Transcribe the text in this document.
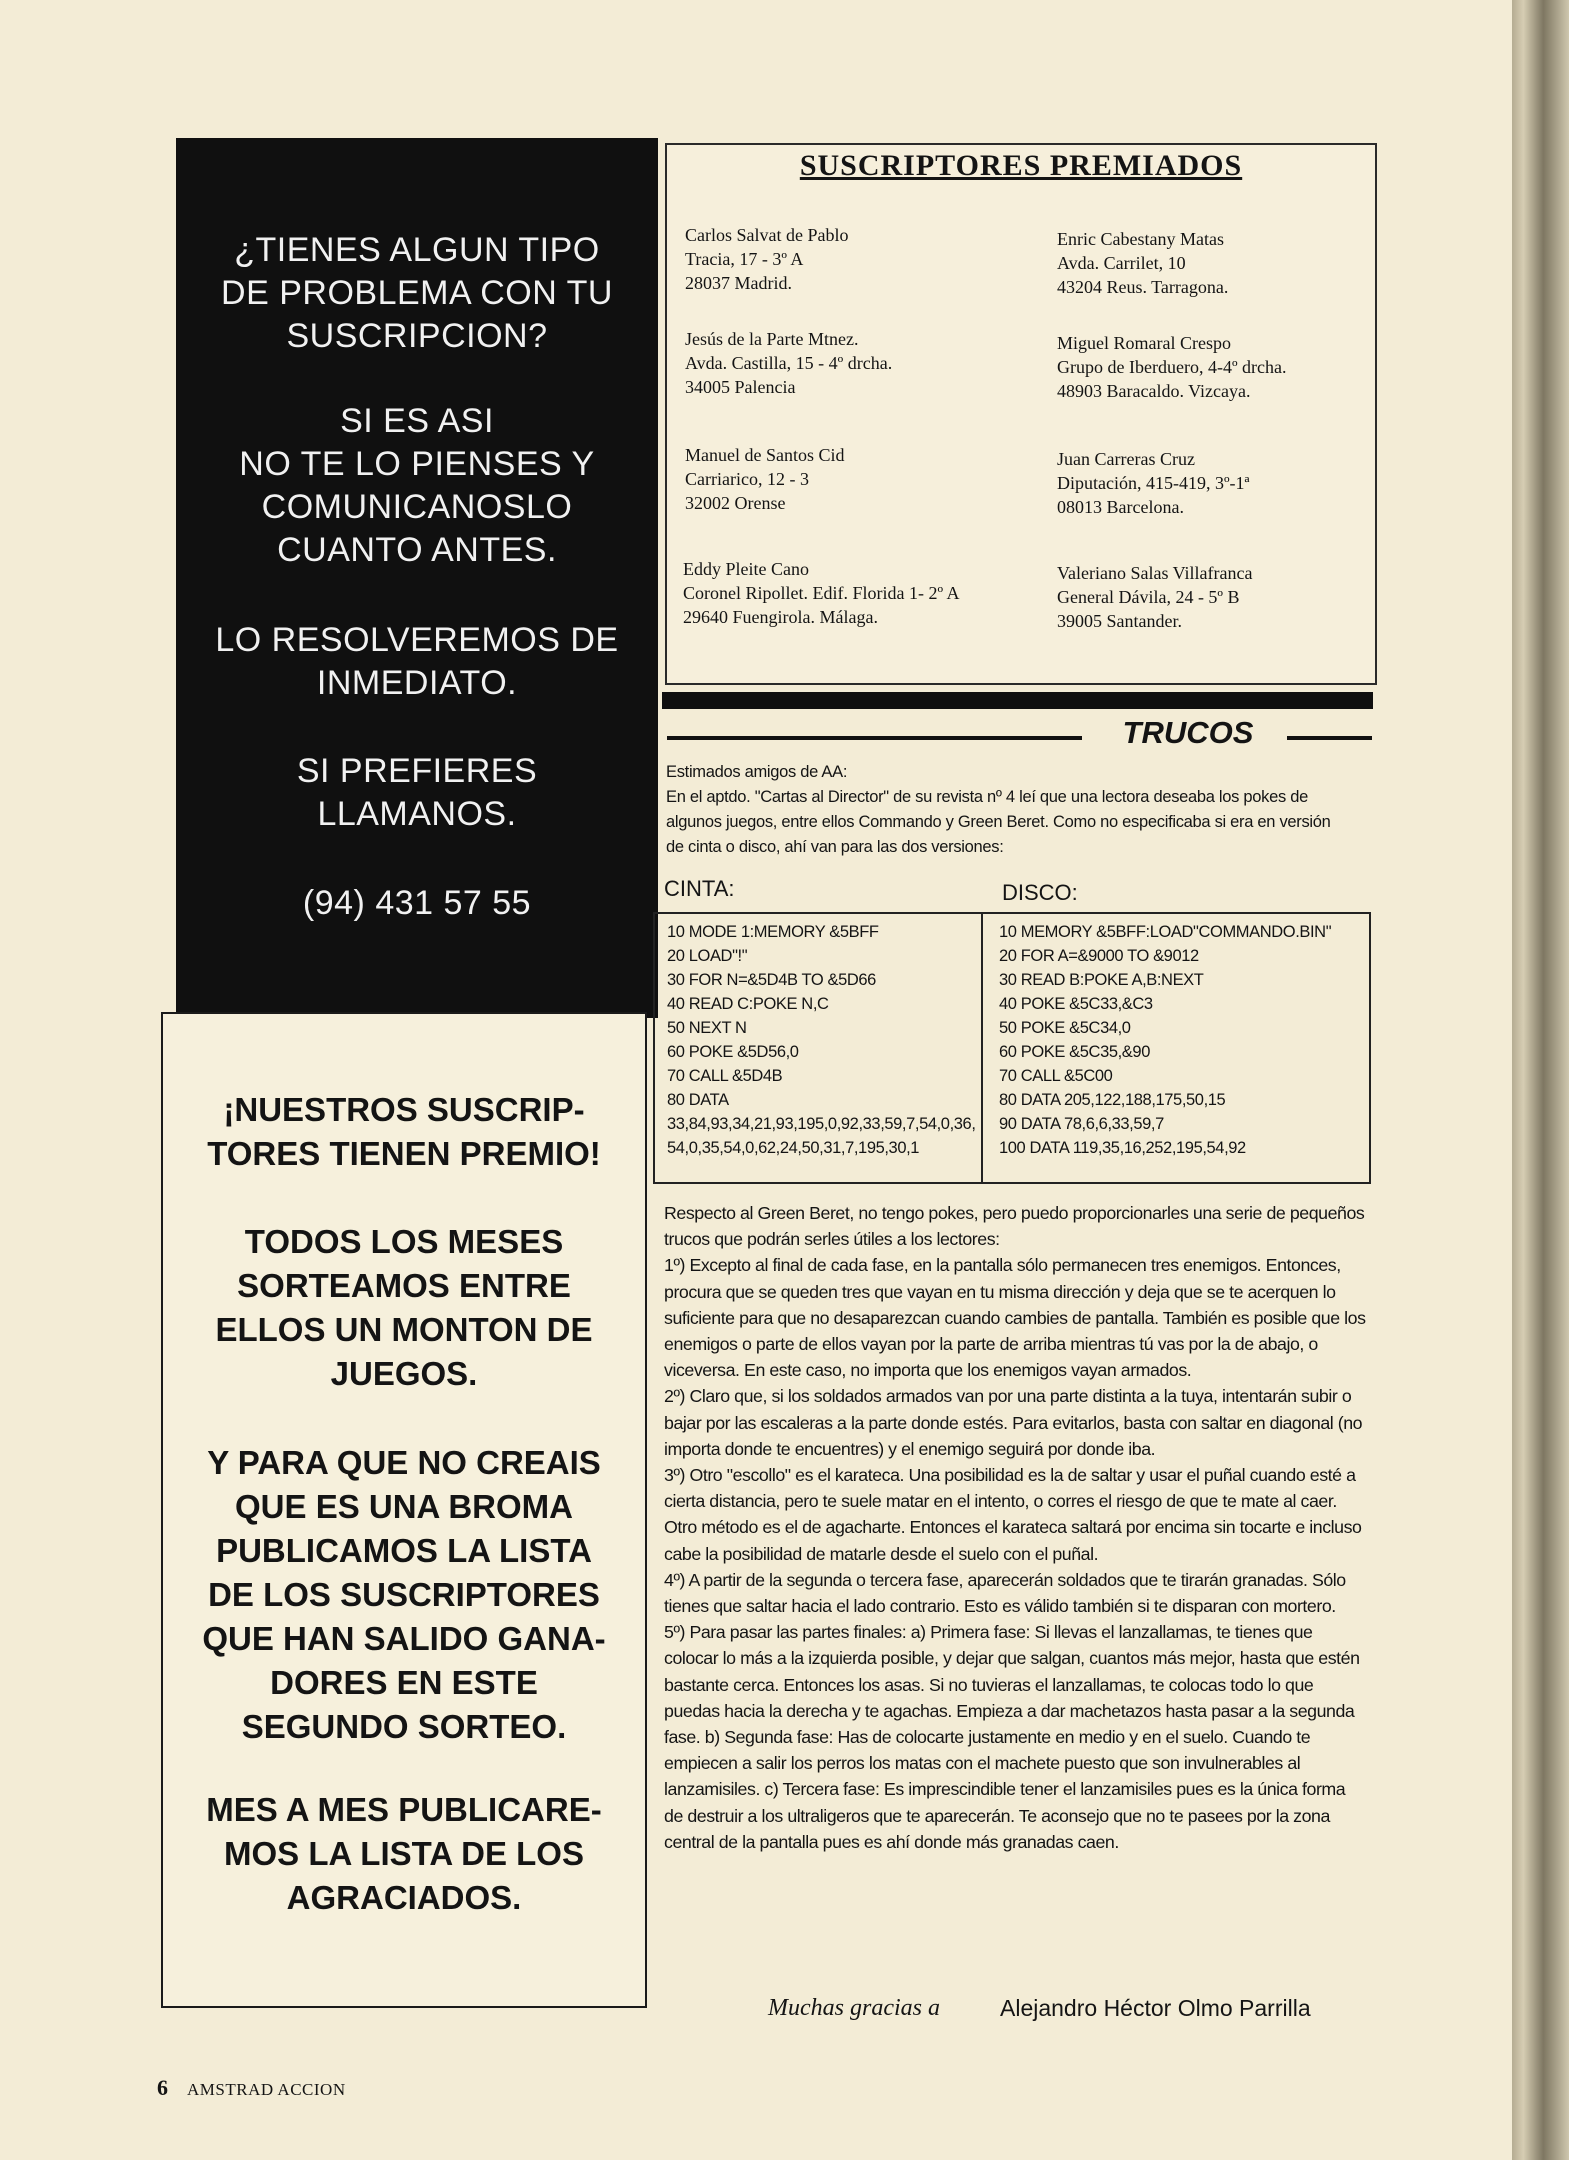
¿TIENES ALGUN TIPO
DE PROBLEMA CON TU
SUSCRIPCION?

SI ES ASI
NO TE LO PIENSES Y
COMUNICANOSLO
CUANTO ANTES.

LO RESOLVEREMOS DE
INMEDIATO.

SI PREFIERES
LLAMANOS.

(94) 431 57 55

¡NUESTROS SUSCRIP-
TORES TIENEN PREMIO!

TODOS LOS MESES
SORTEAMOS ENTRE
ELLOS UN MONTON DE
JUEGOS.

Y PARA QUE NO CREAIS
QUE ES UNA BROMA
PUBLICAMOS LA LISTA
DE LOS SUSCRIPTORES
QUE HAN SALIDO GANA-
DORES EN ESTE
SEGUNDO SORTEO.

MES A MES PUBLICARE-
MOS LA LISTA DE LOS
AGRACIADOS.

SUSCRIPTORES PREMIADOS

Carlos Salvat de Pablo
Tracia, 17 - 3º A
28037 Madrid.

Enric Cabestany Matas
Avda. Carrilet, 10
43204 Reus. Tarragona.

Jesús de la Parte Mtnez.
Avda. Castilla, 15 - 4º drcha.
34005 Palencia

Miguel Romaral Crespo
Grupo de Iberduero, 4-4º drcha.
48903 Baracaldo. Vizcaya.

Manuel de Santos Cid
Carriarico, 12 - 3
32002 Orense

Juan Carreras Cruz
Diputación, 415-419, 3º-1ª
08013 Barcelona.

Eddy Pleite Cano
Coronel Ripollet. Edif. Florida 1- 2º A
29640 Fuengirola. Málaga.

Valeriano Salas Villafranca
General Dávila, 24 - 5º B
39005 Santander.

TRUCOS

Estimados amigos de AA:
En el aptdo. "Cartas al Director" de su revista nº 4 leí que una lectora deseaba los pokes de
algunos juegos, entre ellos Commando y Green Beret. Como no especificaba si era en versión
de cinta o disco, ahí van para las dos versiones:

CINTA:	DISCO:

10 MODE 1:MEMORY &5BFF
20 LOAD"!"
30 FOR N=&5D4B TO &5D66
40 READ C:POKE N,C
50 NEXT N
60 POKE &5D56,0
70 CALL &5D4B
80 DATA
33,84,93,34,21,93,195,0,92,33,59,7,54,0,36,
54,0,35,54,0,62,24,50,31,7,195,30,1

10 MEMORY &5BFF:LOAD"COMMANDO.BIN"
20 FOR A=&9000 TO &9012
30 READ B:POKE A,B:NEXT
40 POKE &5C33,&C3
50 POKE &5C34,0
60 POKE &5C35,&90
70 CALL &5C00
80 DATA 205,122,188,175,50,15
90 DATA 78,6,6,33,59,7
100 DATA 119,35,16,252,195,54,92

Respecto al Green Beret, no tengo pokes, pero puedo proporcionarles una serie de pequeños trucos que podrán serles útiles a los lectores:

1º) Excepto al final de cada fase, en la pantalla sólo permanecen tres enemigos. Entonces, procura que se queden tres que vayan en tu misma dirección y deja que se te acerquen lo suficiente para que no desaparezcan cuando cambies de pantalla. También es posible que los enemigos o parte de ellos vayan por la parte de arriba mientras tú vas por la de abajo, o viceversa. En este caso, no importa que los enemigos vayan armados.

2º) Claro que, si los soldados armados van por una parte distinta a la tuya, intentarán subir o bajar por las escaleras a la parte donde estés. Para evitarlos, basta con saltar en diagonal (no importa donde te encuentres) y el enemigo seguirá por donde iba.

3º) Otro "escollo" es el karateca. Una posibilidad es la de saltar y usar el puñal cuando esté a cierta distancia, pero te suele matar en el intento, o corres el riesgo de que te mate al caer. Otro método es el de agacharte. Entonces el karateca saltará por encima sin tocarte e incluso cabe la posibilidad de matarle desde el suelo con el puñal.

4º) A partir de la segunda o tercera fase, aparecerán soldados que te tirarán granadas. Sólo tienes que saltar hacia el lado contrario. Esto es válido también si te disparan con mortero.

5º) Para pasar las partes finales: a) Primera fase: Si llevas el lanzallamas, te tienes que colocar lo más a la izquierda posible, y dejar que salgan, cuantos más mejor, hasta que estén bastante cerca. Entonces los asas. Si no tuvieras el lanzallamas, te colocas todo lo que puedas hacia la derecha y te agachas. Empieza a dar machetazos hasta pasar a la segunda fase. b) Segunda fase: Has de colocarte justamente en medio y en el suelo. Cuando te empiecen a salir los perros los matas con el machete puesto que son invulnerables al lanzamisiles. c) Tercera fase: Es imprescindible tener el lanzamisiles pues es la única forma de destruir a los ultraligeros que te aparecerán. Te aconsejo que no te pasees por la zona central de la pantalla pues es ahí donde más granadas caen.

Muchas gracias a	Alejandro Héctor Olmo Parrilla

6 AMSTRAD ACCION
